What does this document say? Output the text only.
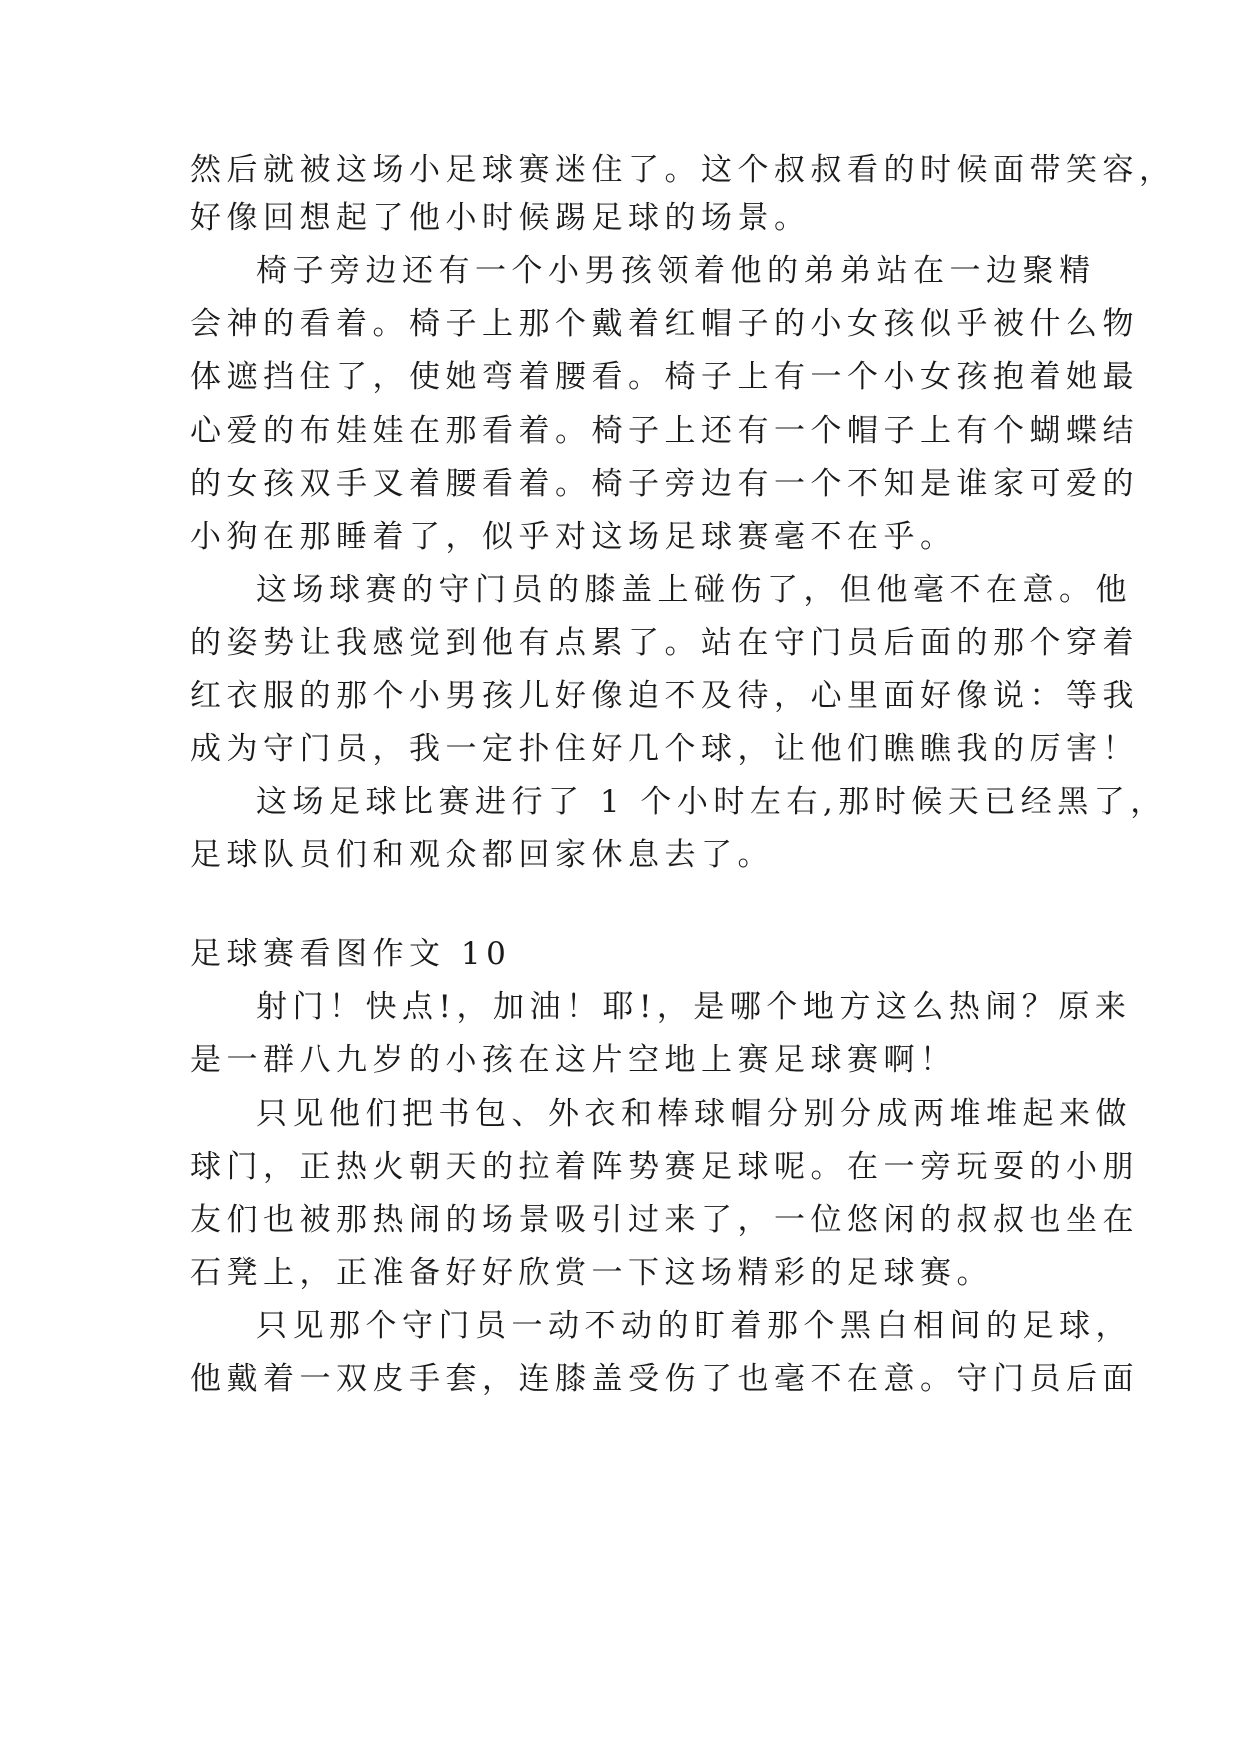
然后就被这场小足球赛迷住了。这个叔叔看的时候面带笑容，
好像回想起了他小时候踢足球的场景。
椅子旁边还有一个小男孩领着他的弟弟站在一边聚精
会神的看着。椅子上那个戴着红帽子的小女孩似乎被什么物
体遮挡住了，使她弯着腰看。椅子上有一个小女孩抱着她最
心爱的布娃娃在那看着。椅子上还有一个帽子上有个蝴蝶结
的女孩双手叉着腰看着。椅子旁边有一个不知是谁家可爱的
小狗在那睡着了，似乎对这场足球赛毫不在乎。
这场球赛的守门员的膝盖上碰伤了，但他毫不在意。他
的姿势让我感觉到他有点累了。站在守门员后面的那个穿着
红衣服的那个小男孩儿好像迫不及待，心里面好像说：等我
成为守门员，我一定扑住好几个球，让他们瞧瞧我的厉害！
这场足球比赛进行了 1 个小时左右,那时候天已经黑了，
足球队员们和观众都回家休息去了。
足球赛看图作文 10
射门！快点!，加油！耶!，是哪个地方这么热闹？原来
是一群八九岁的小孩在这片空地上赛足球赛啊！
只见他们把书包、外衣和棒球帽分别分成两堆堆起来做
球门，正热火朝天的拉着阵势赛足球呢。在一旁玩耍的小朋
友们也被那热闹的场景吸引过来了，一位悠闲的叔叔也坐在
石凳上，正准备好好欣赏一下这场精彩的足球赛。
只见那个守门员一动不动的盯着那个黑白相间的足球，
他戴着一双皮手套，连膝盖受伤了也毫不在意。守门员后面
